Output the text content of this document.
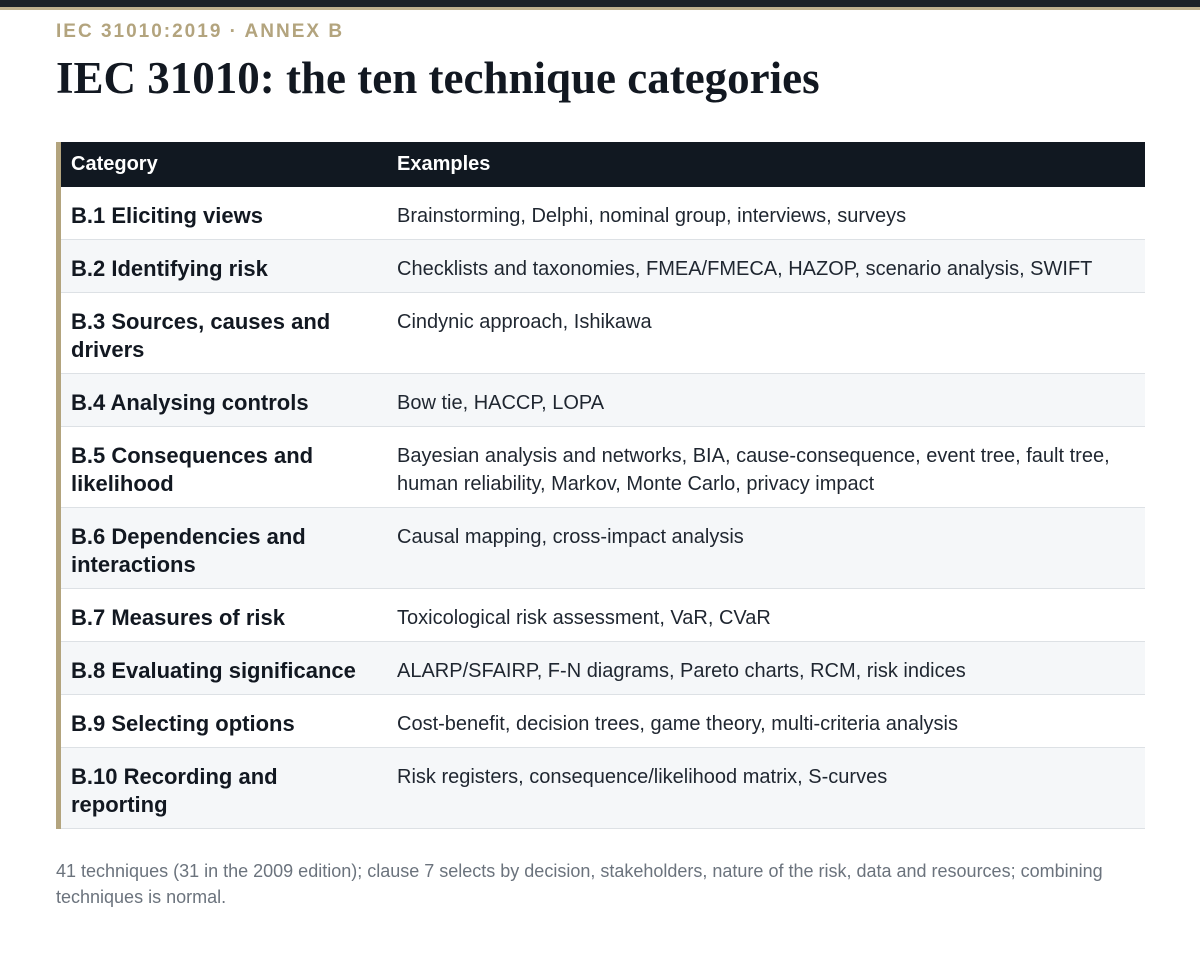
IEC 31010:2019 · ANNEX B
IEC 31010: the ten technique categories
Category	Examples
B.1 Eliciting views	Brainstorming, Delphi, nominal group, interviews, surveys
B.2 Identifying risk	Checklists and taxonomies, FMEA/FMECA, HAZOP, scenario analysis, SWIFT
B.3 Sources, causes and drivers	Cindynic approach, Ishikawa
B.4 Analysing controls	Bow tie, HACCP, LOPA
B.5 Consequences and likelihood	Bayesian analysis and networks, BIA, cause-consequence, event tree, fault tree, human reliability, Markov, Monte Carlo, privacy impact
B.6 Dependencies and interactions	Causal mapping, cross-impact analysis
B.7 Measures of risk	Toxicological risk assessment, VaR, CVaR
B.8 Evaluating significance	ALARP/SFAIRP, F-N diagrams, Pareto charts, RCM, risk indices
B.9 Selecting options	Cost-benefit, decision trees, game theory, multi-criteria analysis
B.10 Recording and reporting	Risk registers, consequence/likelihood matrix, S-curves
41 techniques (31 in the 2009 edition); clause 7 selects by decision, stakeholders, nature of the risk, data and resources; combining techniques is normal.
